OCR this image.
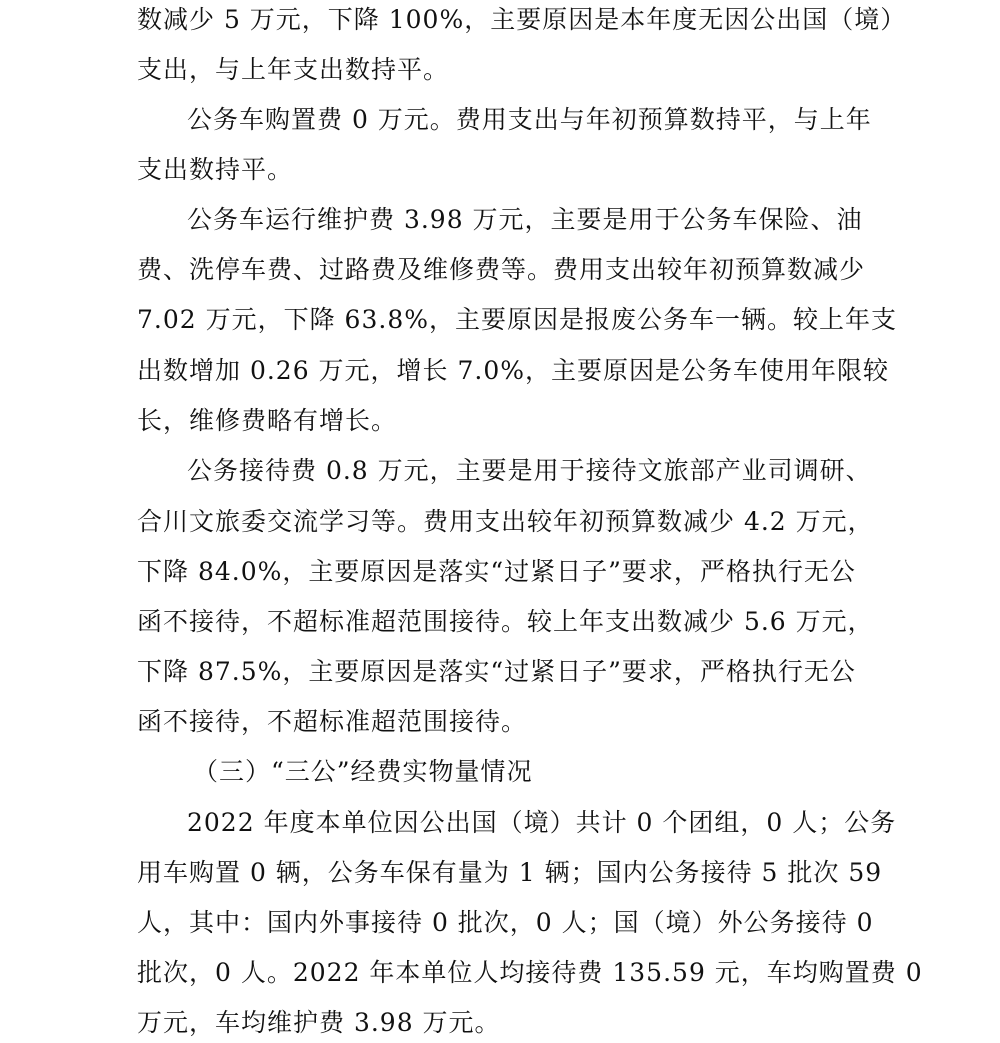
数减少 5 万元，下降 100%，主要原因是本年度无因公出国（境）
支出，与上年支出数持平。
公务车购置费 0 万元。费用支出与年初预算数持平，与上年
支出数持平。
公务车运行维护费 3.98 万元，主要是用于公务车保险、油
费、洗停车费、过路费及维修费等。费用支出较年初预算数减少
7.02 万元，下降 63.8%，主要原因是报废公务车一辆。较上年支
出数增加 0.26 万元，增长 7.0%，主要原因是公务车使用年限较
长，维修费略有增长。
公务接待费 0.8 万元，主要是用于接待文旅部产业司调研、
合川文旅委交流学习等。费用支出较年初预算数减少 4.2 万元，
下降 84.0%，主要原因是落实“过紧日子”要求，严格执行无公
函不接待，不超标准超范围接待。较上年支出数减少 5.6 万元，
下降 87.5%，主要原因是落实“过紧日子”要求，严格执行无公
函不接待，不超标准超范围接待。
（三）“三公”经费实物量情况
2022 年度本单位因公出国（境）共计 0 个团组，0 人；公务
用车购置 0 辆，公务车保有量为 1 辆；国内公务接待 5 批次 59
人，其中：国内外事接待 0 批次，0 人；国（境）外公务接待 0
批次，0 人。2022 年本单位人均接待费 135.59 元，车均购置费 0
万元，车均维护费 3.98 万元。
